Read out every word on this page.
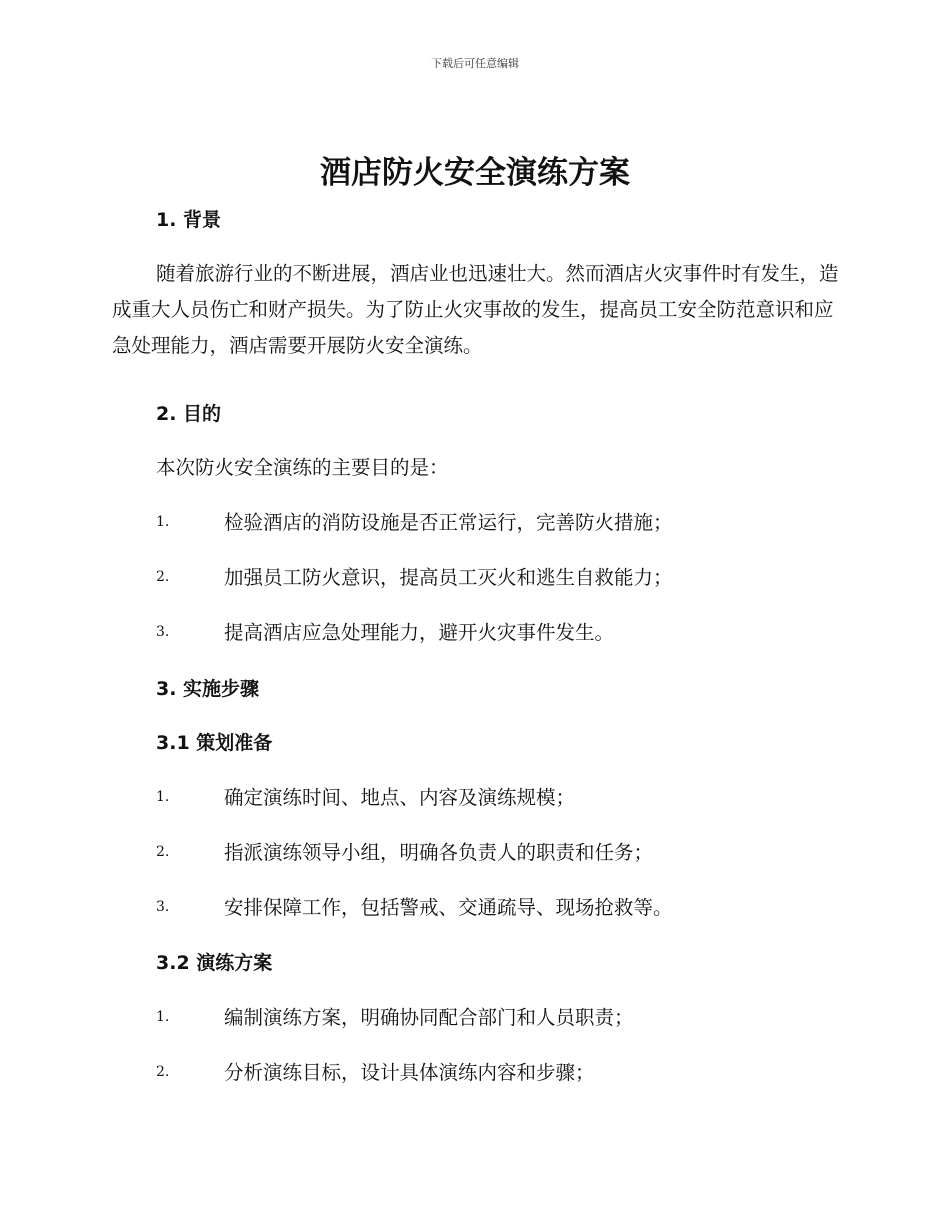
下载后可任意编辑
酒店防火安全演练方案
1. 背景

随着旅游行业的不断进展，酒店业也迅速壮大。然而酒店火灾事件时有发生，造成重大人员伤亡和财产损失。为了防止火灾事故的发生，提高员工安全防范意识和应急处理能力，酒店需要开展防火安全演练。

2. 目的

本次防火安全演练的主要目的是：

1.	检验酒店的消防设施是否正常运行，完善防火措施；
2.	加强员工防火意识，提高员工灭火和逃生自救能力；
3.	提高酒店应急处理能力，避开火灾事件发生。
3. 实施步骤
3.1 策划准备
1.	确定演练时间、地点、内容及演练规模；
2.	指派演练领导小组，明确各负责人的职责和任务；
3.	安排保障工作，包括警戒、交通疏导、现场抢救等。
3.2 演练方案
1.	编制演练方案，明确协同配合部门和人员职责；
2.	分析演练目标，设计具体演练内容和步骤；
